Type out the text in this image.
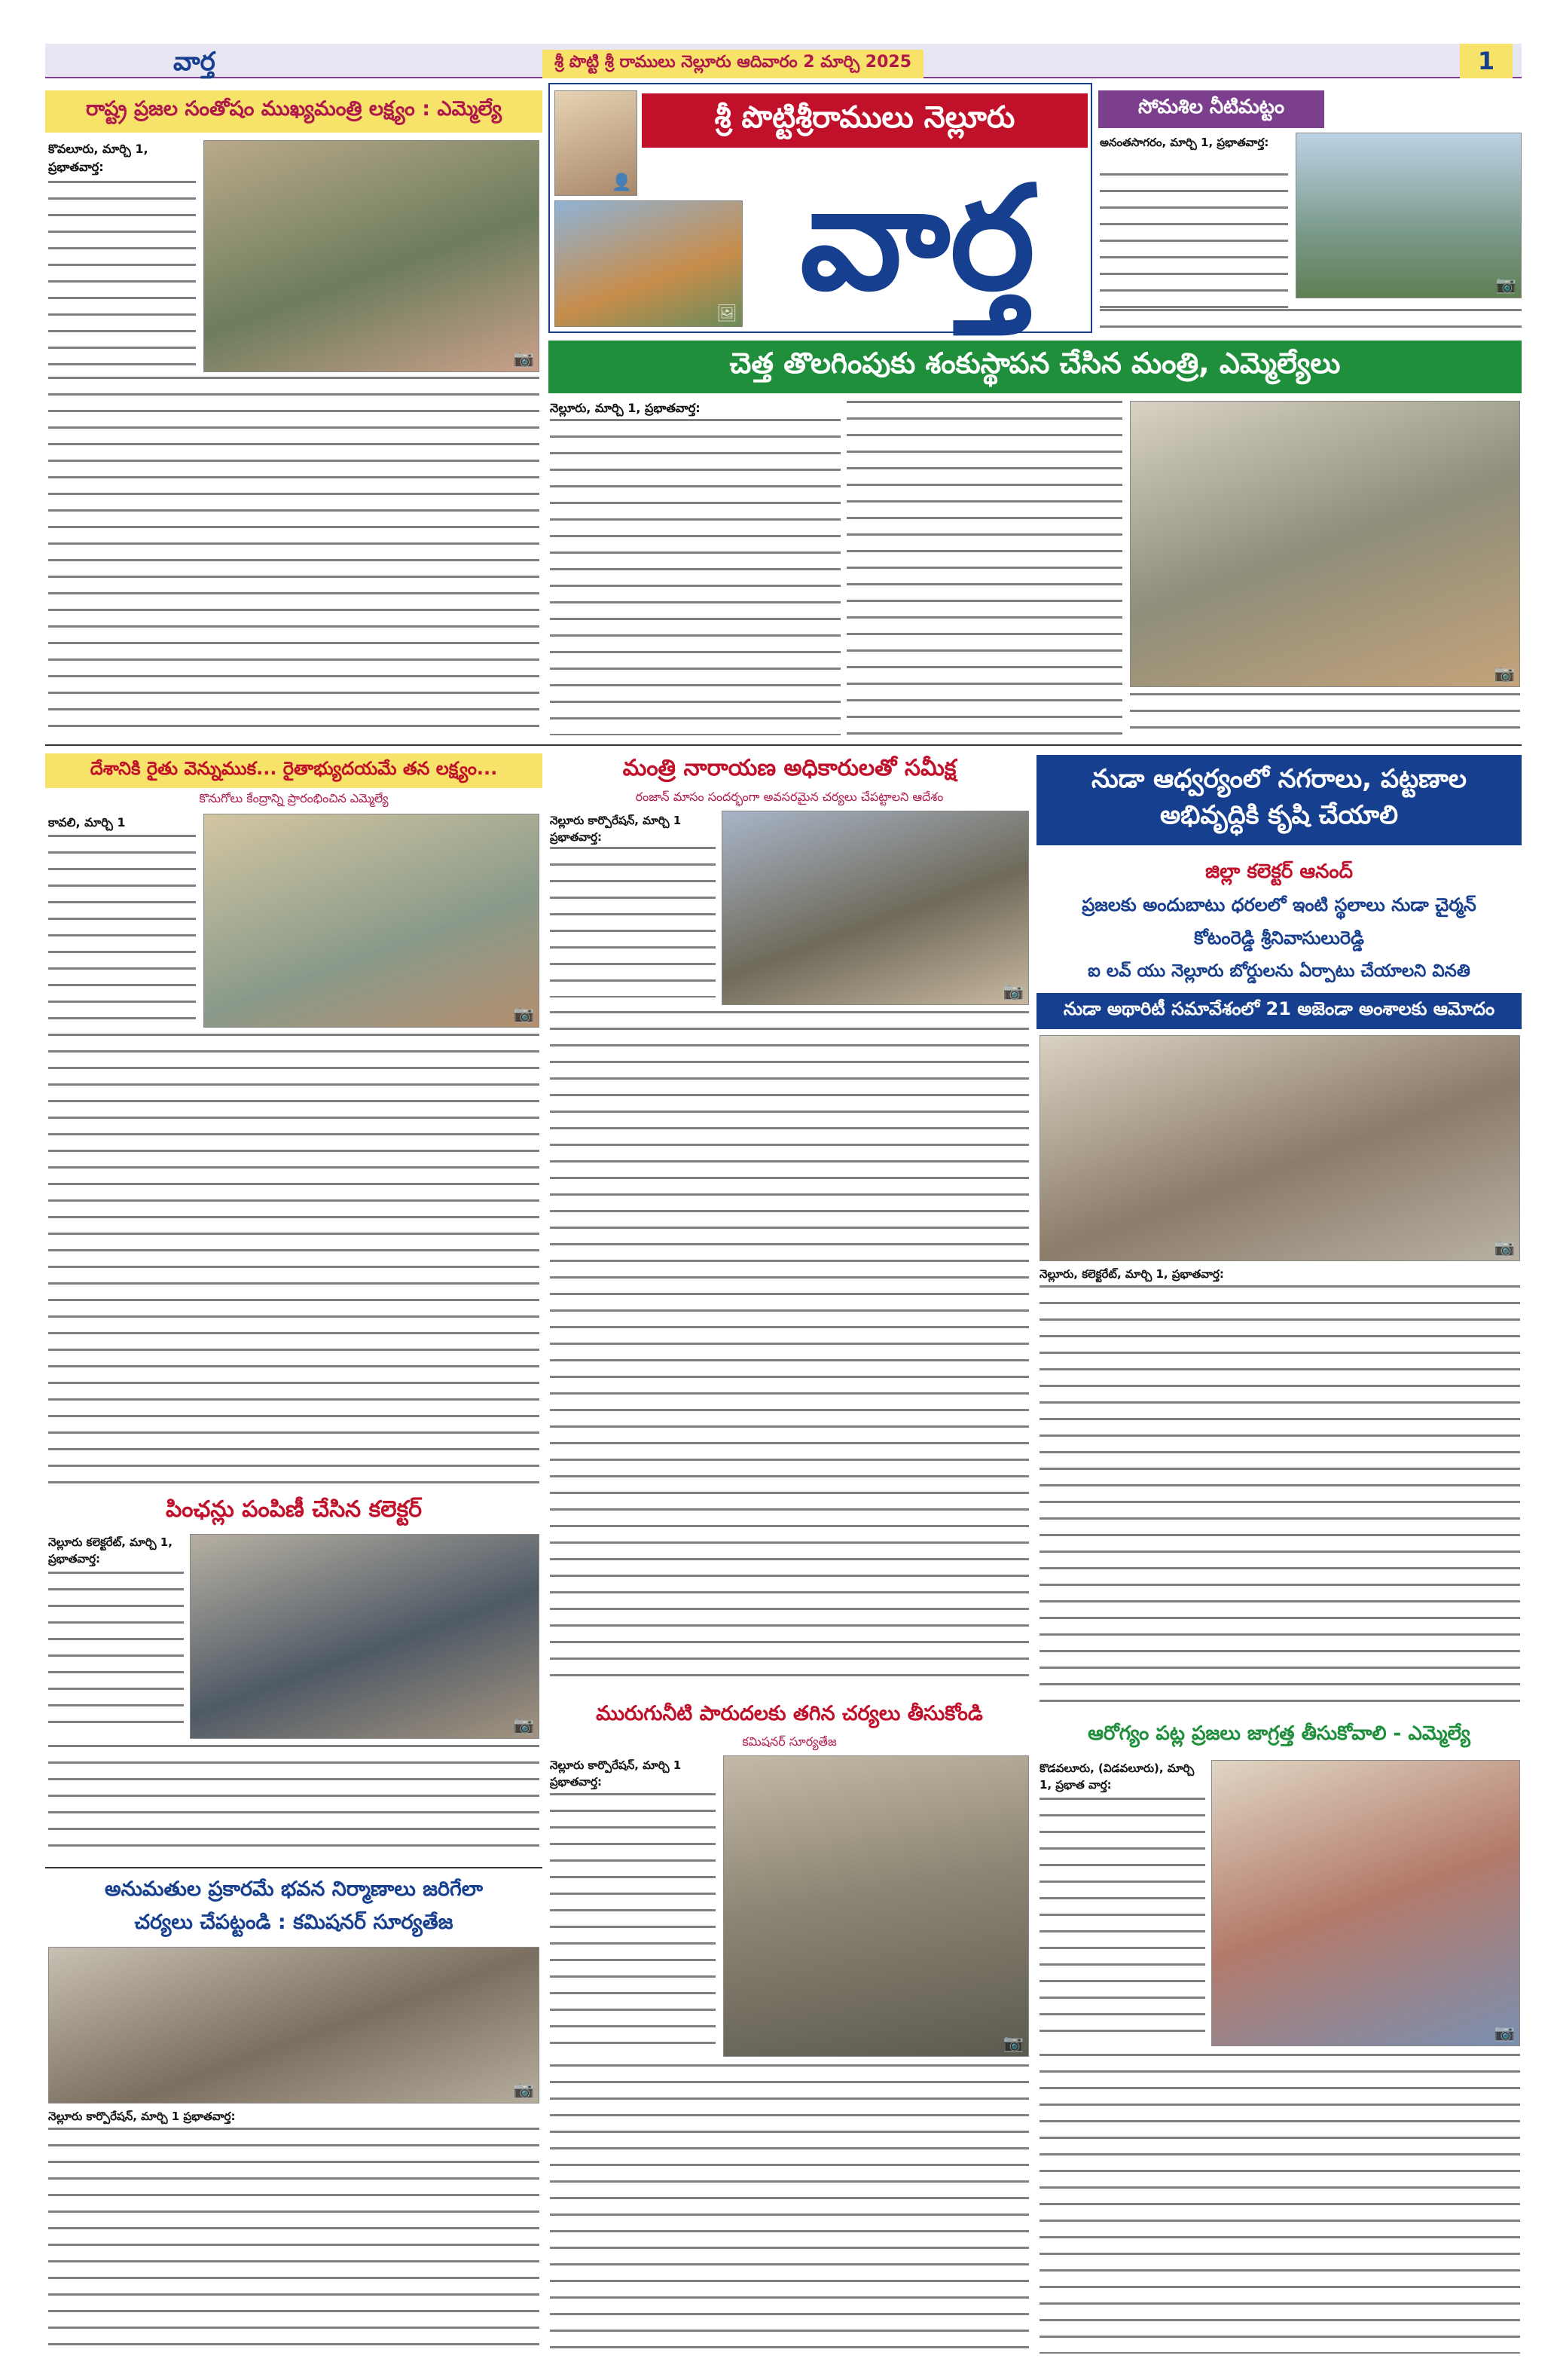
వార్త	శ్రీ పొట్టి శ్రీ రాములు నెల్లూరు ఆదివారం 2 మార్చి 2025	1
👤
🖼
శ్రీ పొట్టిశ్రీరాములు నెల్లూరు
వార్త
రాష్ట్ర ప్రజల సంతోషం ముఖ్యమంత్రి లక్ష్యం : ఎమ్మెల్యే
కొవలూరు, మార్చి 1, ప్రభాతవార్త:
📷
సోమశిల నీటిమట్టం
అనంతసాగరం, మార్చి 1, ప్రభాతవార్త:
📷
చెత్త తొలగింపుకు శంకుస్థాపన చేసిన మంత్రి, ఎమ్మెల్యేలు
నెల్లూరు, మార్చి 1, ప్రభాతవార్త:
📷
దేశానికి రైతు వెన్నుముక... రైతాభ్యుదయమే తన లక్ష్యం...
కొనుగోలు కేంద్రాన్ని ప్రారంభించిన ఎమ్మెల్యే
కావలి, మార్చి 1
📷
మంత్రి నారాయణ అధికారులతో సమీక్ష
రంజాన్ మాసం సందర్భంగా అవసరమైన చర్యలు చేపట్టాలని ఆదేశం
నెల్లూరు కార్పొరేషన్, మార్చి 1 ప్రభాతవార్త:
📷
నుడా ఆధ్వర్యంలో నగరాలు, పట్టణాల అభివృద్ధికి కృషి చేయాలి
జిల్లా కలెక్టర్ ఆనంద్
ప్రజలకు అందుబాటు ధరలలో ఇంటి స్థలాలు నుడా చైర్మన్
కోటంరెడ్డి శ్రీనివాసులురెడ్డి
ఐ లవ్ యు నెల్లూరు బోర్డులను ఏర్పాటు చేయాలని వినతి
నుడా అథారిటీ సమావేశంలో 21 అజెండా అంశాలకు ఆమోదం
📷
నెల్లూరు, కలెక్టరేట్, మార్చి 1, ప్రభాతవార్త:
పింఛన్లు పంపిణీ చేసిన కలెక్టర్
నెల్లూరు కలెక్టరేట్, మార్చి 1, ప్రభాతవార్త:
📷
అనుమతుల ప్రకారమే భవన నిర్మాణాలు జరిగేలా
చర్యలు చేపట్టండి : కమిషనర్ సూర్యతేజ
📷
నెల్లూరు కార్పొరేషన్, మార్చి 1 ప్రభాతవార్త:
మురుగునీటి పారుదలకు తగిన చర్యలు తీసుకోండి
కమిషనర్ సూర్యతేజ
నెల్లూరు కార్పొరేషన్, మార్చి 1 ప్రభాతవార్త:
📷
ఆరోగ్యం పట్ల ప్రజలు జాగ్రత్త తీసుకోవాలి - ఎమ్మెల్యే
కొడవలూరు, (విడవలూరు), మార్చి 1, ప్రభాత వార్త:
📷
